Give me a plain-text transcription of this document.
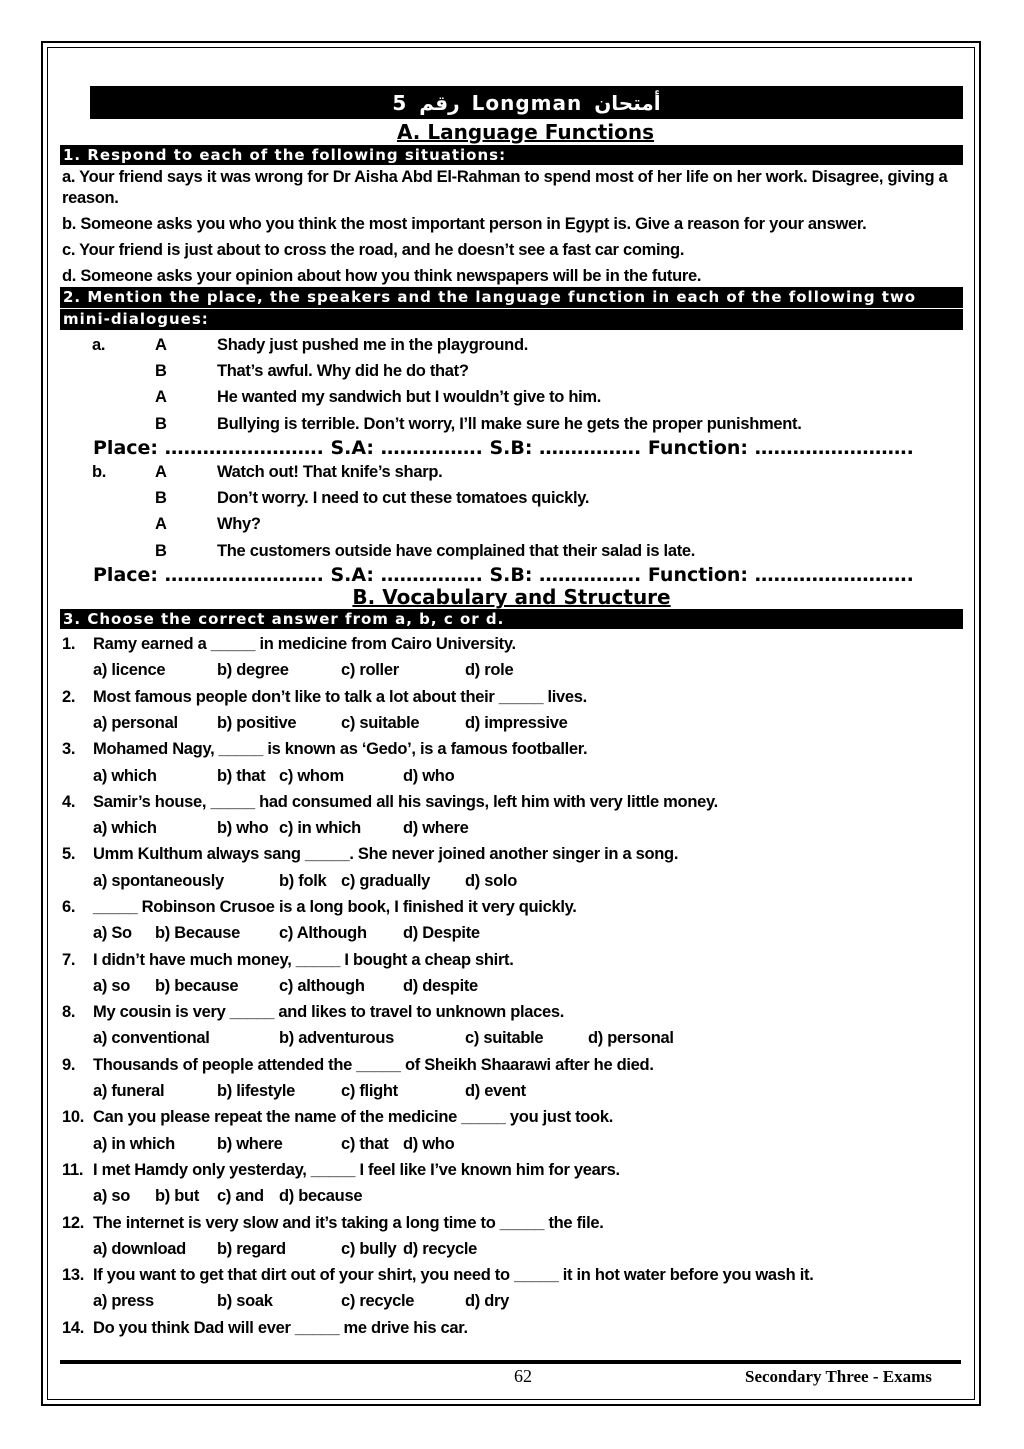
5 رقم Longman أمتحان
A. Language Functions
1. Respond to each of the following situations:
a. Your friend says it was wrong for Dr Aisha Abd El-Rahman to spend most of her life on her work. Disagree, giving a reason.
b. Someone asks you who you think the most important person in Egypt is. Give a reason for your answer.
c. Your friend is just about to cross the road, and he doesn’t see a fast car coming.
d. Someone asks your opinion about how you think newspapers will be in the future.
2. Mention the place, the speakers and the language function in each of the following two
mini-dialogues:
a.	A	Shady just pushed me in the playground.
B	That’s awful. Why did he do that?
A	He wanted my sandwich but I wouldn’t give to him.
B	Bullying is terrible. Don’t worry, I’ll make sure he gets the proper punishment.
Place: ……………………. S.A: ……………. S.B: ……………. Function: …………………….
b.	A	Watch out! That knife’s sharp.
B	Don’t worry. I need to cut these tomatoes quickly.
A	Why?
B	The customers outside have complained that their salad is late.
Place: ……………………. S.A: ……………. S.B: ……………. Function: …………………….
B. Vocabulary and Structure
3. Choose the correct answer from a, b, c or d.
1.	Ramy earned a _____ in medicine from Cairo University.
a) licence	b) degree	c) roller	d) role
2.	Most famous people don’t like to talk a lot about their _____ lives.
a) personal b) positive	c) suitable	d) impressive
3.	Mohamed Nagy, _____ is known as ‘Gedo’, is a famous footballer.
a) which	b) that c) whom	d) who
4.	Samir’s house, _____ had consumed all his savings, left him with very little money.
a) which	b) who c) in which	d) where
5.	Umm Kulthum always sang _____. She never joined another singer in a song.
a) spontaneously	b) folk c) gradually d) solo
6.	_____ Robinson Crusoe is a long book, I finished it very quickly.
a) So b) Because c) Although d) Despite
7.	I didn’t have much money, _____ I bought a cheap shirt.
a) so b) because c) although d) despite
8.	My cousin is very _____ and likes to travel to unknown places.
a) conventional	b) adventurous	c) suitable	d) personal
9.	Thousands of people attended the _____ of Sheikh Shaarawi after he died.
a) funeral	b) lifestyle	c) flight	d) event
10. Can you please repeat the name of the medicine _____ you just took.
a) in which	b) where	c) that d) who
11. I met Hamdy only yesterday, _____ I feel like I’ve known him for years.
a) so b) but c) and d) because
12. The internet is very slow and it’s taking a long time to _____ the file.
a) download b) regard	c) bully d) recycle
13. If you want to get that dirt out of your shirt, you need to _____ it in hot water before you wash it.
a) press	b) soak	c) recycle	d) dry
14. Do you think Dad will ever _____ me drive his car.
62	Secondary Three - Exams
